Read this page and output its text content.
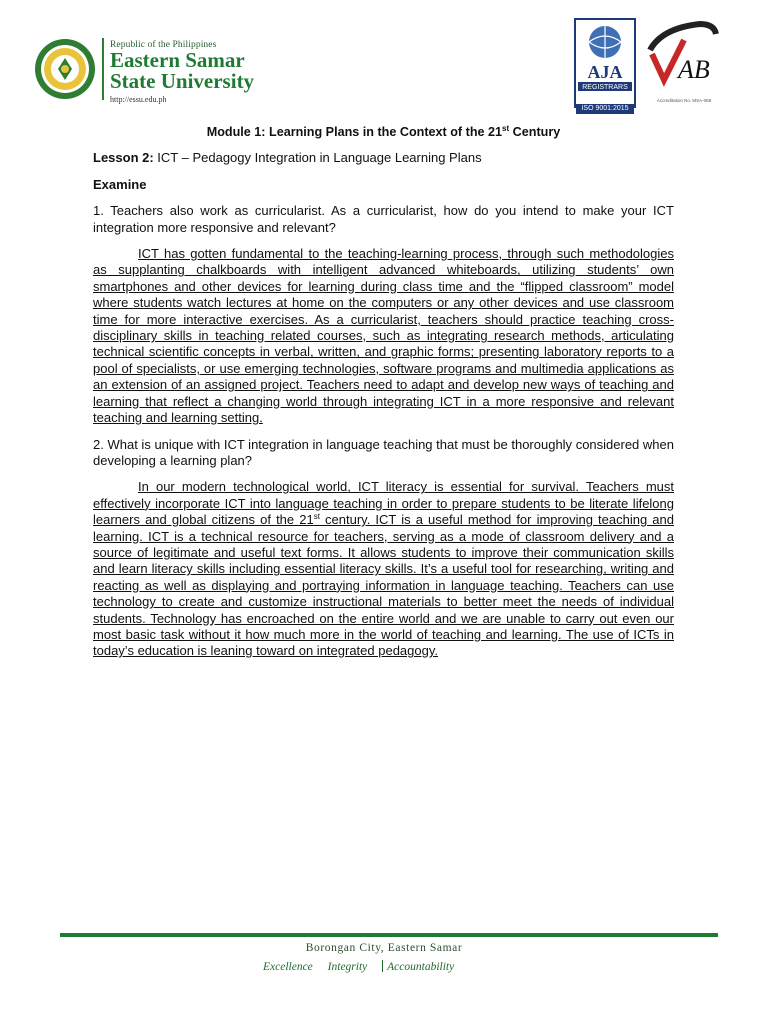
Republic of the Philippines
Eastern Samar
State University
http://essu.edu.ph
AJA
REGISTRARS
ISO 9001:2015
AB
Accreditation No. MSA-068
Module 1: Learning Plans in the Context of the 21st Century
Lesson 2: ICT – Pedagogy Integration in Language Learning Plans
Examine
1. Teachers also work as curricularist. As a curricularist, how do you intend to make your ICT integration more responsive and relevant?
ICT has gotten fundamental to the teaching-learning process, through such methodologies as supplanting chalkboards with intelligent advanced whiteboards, utilizing students’ own smartphones and other devices for learning during class time and the “flipped classroom” model where students watch lectures at home on the computers or any other devices and use classroom time for more interactive exercises. As a curricularist, teachers should practice teaching cross-disciplinary skills in teaching related courses, such as integrating research methods, articulating technical scientific concepts in verbal, written, and graphic forms; presenting laboratory reports to a pool of specialists, or use emerging technologies, software programs and multimedia applications as an extension of an assigned project. Teachers need to adapt and develop new ways of teaching and learning that reflect a changing world through integrating ICT in a more responsive and relevant teaching and learning setting.
2. What is unique with ICT integration in language teaching that must be thoroughly considered when developing a learning plan?
In our modern technological world, ICT literacy is essential for survival. Teachers must effectively incorporate ICT into language teaching in order to prepare students to be literate lifelong learners and global citizens of the 21st century. ICT is a useful method for improving teaching and learning. ICT is a technical resource for teachers, serving as a mode of classroom delivery and a source of legitimate and useful text forms. It allows students to improve their communication skills and learn literacy skills including essential literacy skills. It’s a useful tool for researching, writing and reacting as well as displaying and portraying information in language teaching. Teachers can use technology to create and customize instructional materials to better meet the needs of individual students. Technology has encroached on the entire world and we are unable to carry out even our most basic task without it how much more in the world of teaching and learning. The use of ICTs in today’s education is leaning toward on integrated pedagogy.
Borongan City, Eastern Samar
Excellence Integrity Accountability
